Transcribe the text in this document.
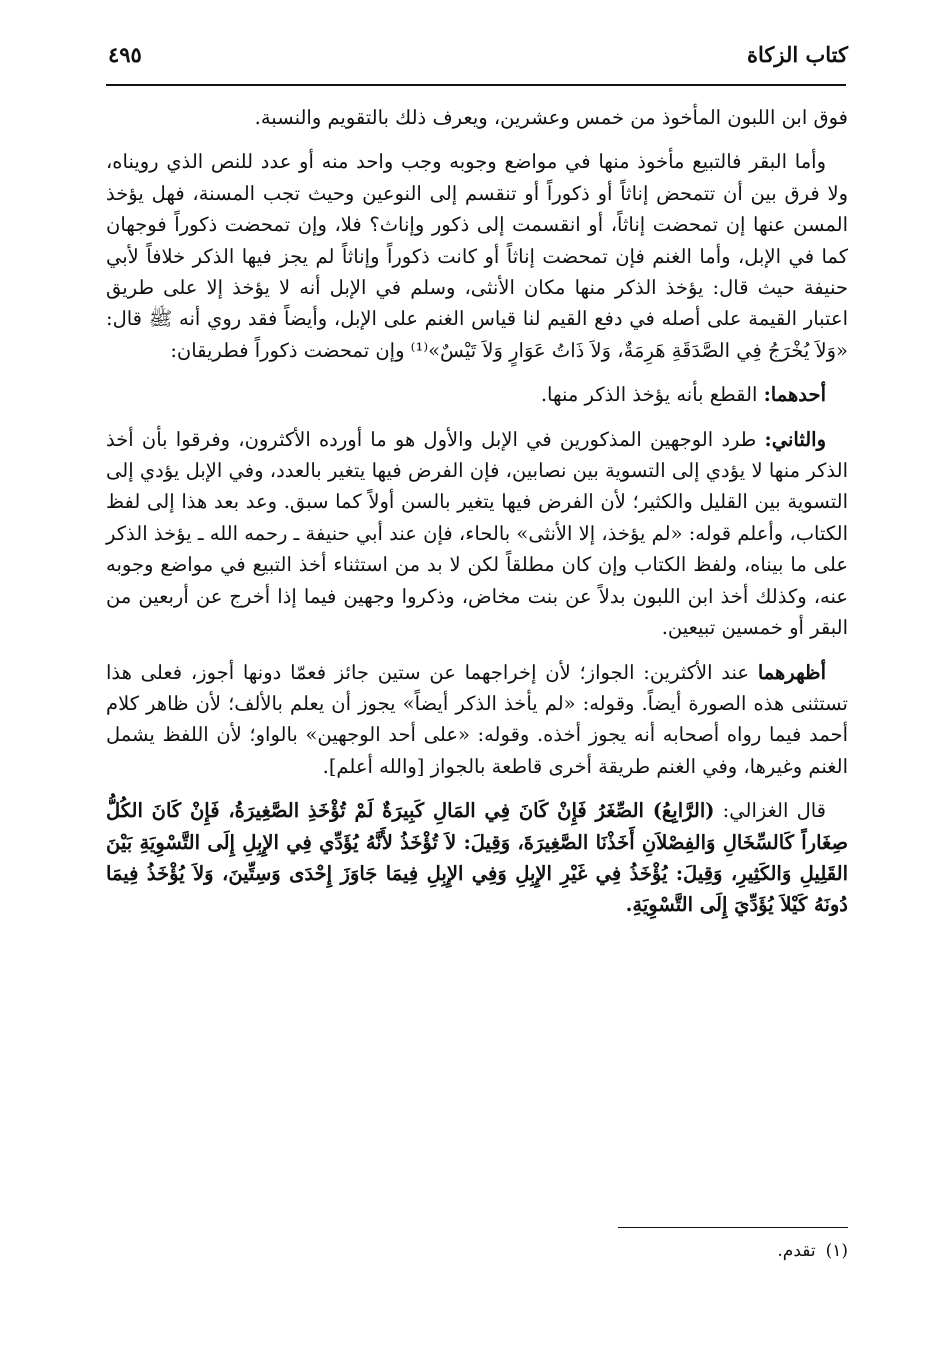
كتاب الزكاة
٤٩٥

فوق ابن اللبون المأخوذ من خمس وعشرين، ويعرف ذلك بالتقويم والنسبة.

وأما البقر فالتبيع مأخوذ منها في مواضع وجوبه وجب واحد منه أو عدد للنص الذي رويناه، ولا فرق بين أن تتمحض إناثاً أو ذكوراً أو تنقسم إلى النوعين وحيث تجب المسنة، فهل يؤخذ المسن عنها إن تمحضت إناثاً، أو انقسمت إلى ذكور وإناث؟ فلا، وإن تمحضت ذكوراً فوجهان كما في الإبل، وأما الغنم فإن تمحضت إناثاً أو كانت ذكوراً وإناثاً لم يجز فيها الذكر خلافاً لأبي حنيفة حيث قال: يؤخذ الذكر منها مكان الأنثى، وسلم في الإبل أنه لا يؤخذ إلا على طريق اعتبار القيمة على أصله في دفع القيم لنا قياس الغنم على الإبل، وأيضاً فقد روي أنه ﷺ قال: «وَلاَ يُخْرَجُ فِي الصَّدَقَةِ هَرِمَةٌ، وَلاَ ذَاتُ عَوَارٍ وَلاَ تَيْسٌ»⁽¹⁾ وإن تمحضت ذكوراً فطريقان:

أحدهما: القطع بأنه يؤخذ الذكر منها.

والثاني: طرد الوجهين المذكورين في الإبل والأول هو ما أورده الأكثرون، وفرقوا بأن أخذ الذكر منها لا يؤدي إلى التسوية بين نصابين، فإن الفرض فيها يتغير بالعدد، وفي الإبل يؤدي إلى التسوية بين القليل والكثير؛ لأن الفرض فيها يتغير بالسن أولاً كما سبق. وعد بعد هذا إلى لفظ الكتاب، وأعلم قوله: «لم يؤخذ، إلا الأنثى» بالحاء، فإن عند أبي حنيفة ـ رحمه الله ـ يؤخذ الذكر على ما بيناه، ولفظ الكتاب وإن كان مطلقاً لكن لا بد من استثناء أخذ التبيع في مواضع وجوبه عنه، وكذلك أخذ ابن اللبون بدلاً عن بنت مخاض، وذكروا وجهين فيما إذا أخرج عن أربعين من البقر أو خمسين تبيعين.

أظهرهما عند الأكثرين: الجواز؛ لأن إخراجهما عن ستين جائز فعمّا دونها أجوز، فعلى هذا تستثنى هذه الصورة أيضاً. وقوله: «لم يأخذ الذكر أيضاً» يجوز أن يعلم بالألف؛ لأن ظاهر كلام أحمد فيما رواه أصحابه أنه يجوز أخذه. وقوله: «على أحد الوجهين» بالواو؛ لأن اللفظ يشمل الغنم وغيرها، وفي الغنم طريقة أخرى قاطعة بالجواز [والله أعلم].

قال الغزالي: (الرَّابِعُ) الصِّغَرُ فَإِنْ كَانَ فِي المَالِ كَبِيرَةٌ لَمْ تُؤْخَذِ الصَّغِيرَةُ، فَإِنْ كَانَ الكُلُّ صِغَاراً كَالسِّخَالِ وَالفِصْلاَنِ أَخَذْنَا الصَّغِيرَةَ، وَقِيلَ: لاَ تُؤْخَذُ لأَنَّهُ يُؤَدِّي فِي الإِبِلِ إِلَى التَّسْوِيَةِ بَيْنَ القَلِيلِ وَالكَثِيرِ، وَقِيلَ: يُؤْخَذُ فِي غَيْرِ الإِبِلِ وَفِي الإِبِلِ فِيمَا جَاوَزَ إِحْدَى وَسِتِّينَ، وَلاَ يُؤْخَذُ فِيمَا دُونَهُ كَيْلاَ يُؤَدِّيَ إِلَى التَّسْوِيَةِ.

(١)تقدم.
